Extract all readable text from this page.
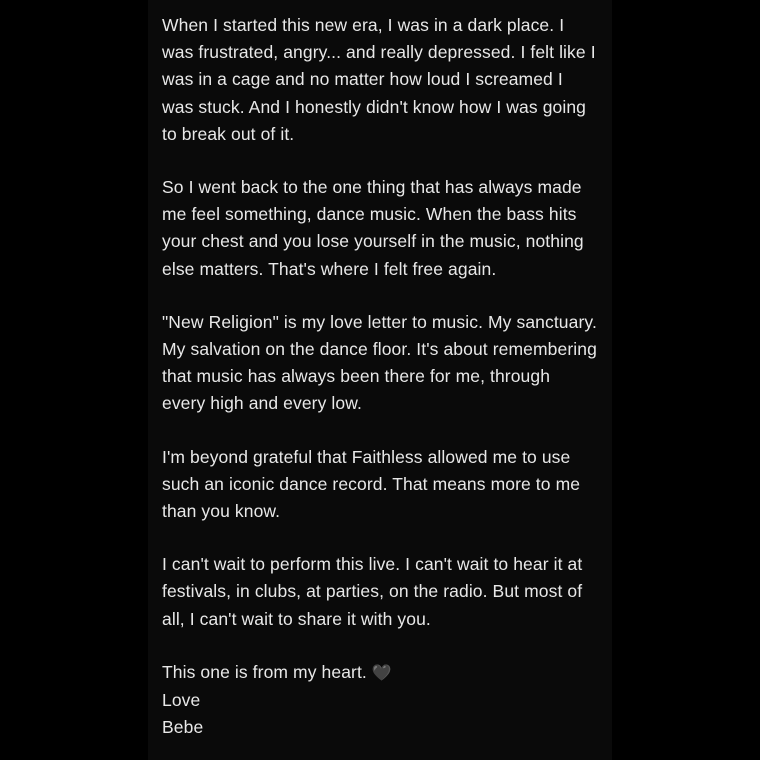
When I started this new era, I was in a dark place. I was frustrated, angry... and really depressed. I felt like I was in a cage and no matter how loud I screamed I was stuck. And I honestly didn't know how I was going to break out of it.

So I went back to the one thing that has always made me feel something, dance music. When the bass hits your chest and you lose yourself in the music, nothing else matters. That's where I felt free again.

"New Religion" is my love letter to music. My sanctuary. My salvation on the dance floor. It's about remembering that music has always been there for me, through every high and every low.

I'm beyond grateful that Faithless allowed me to use such an iconic dance record. That means more to me than you know.

I can't wait to perform this live. I can't wait to hear it at festivals, in clubs, at parties, on the radio. But most of all, I can't wait to share it with you.

This one is from my heart. 🖤

Love

Bebe
